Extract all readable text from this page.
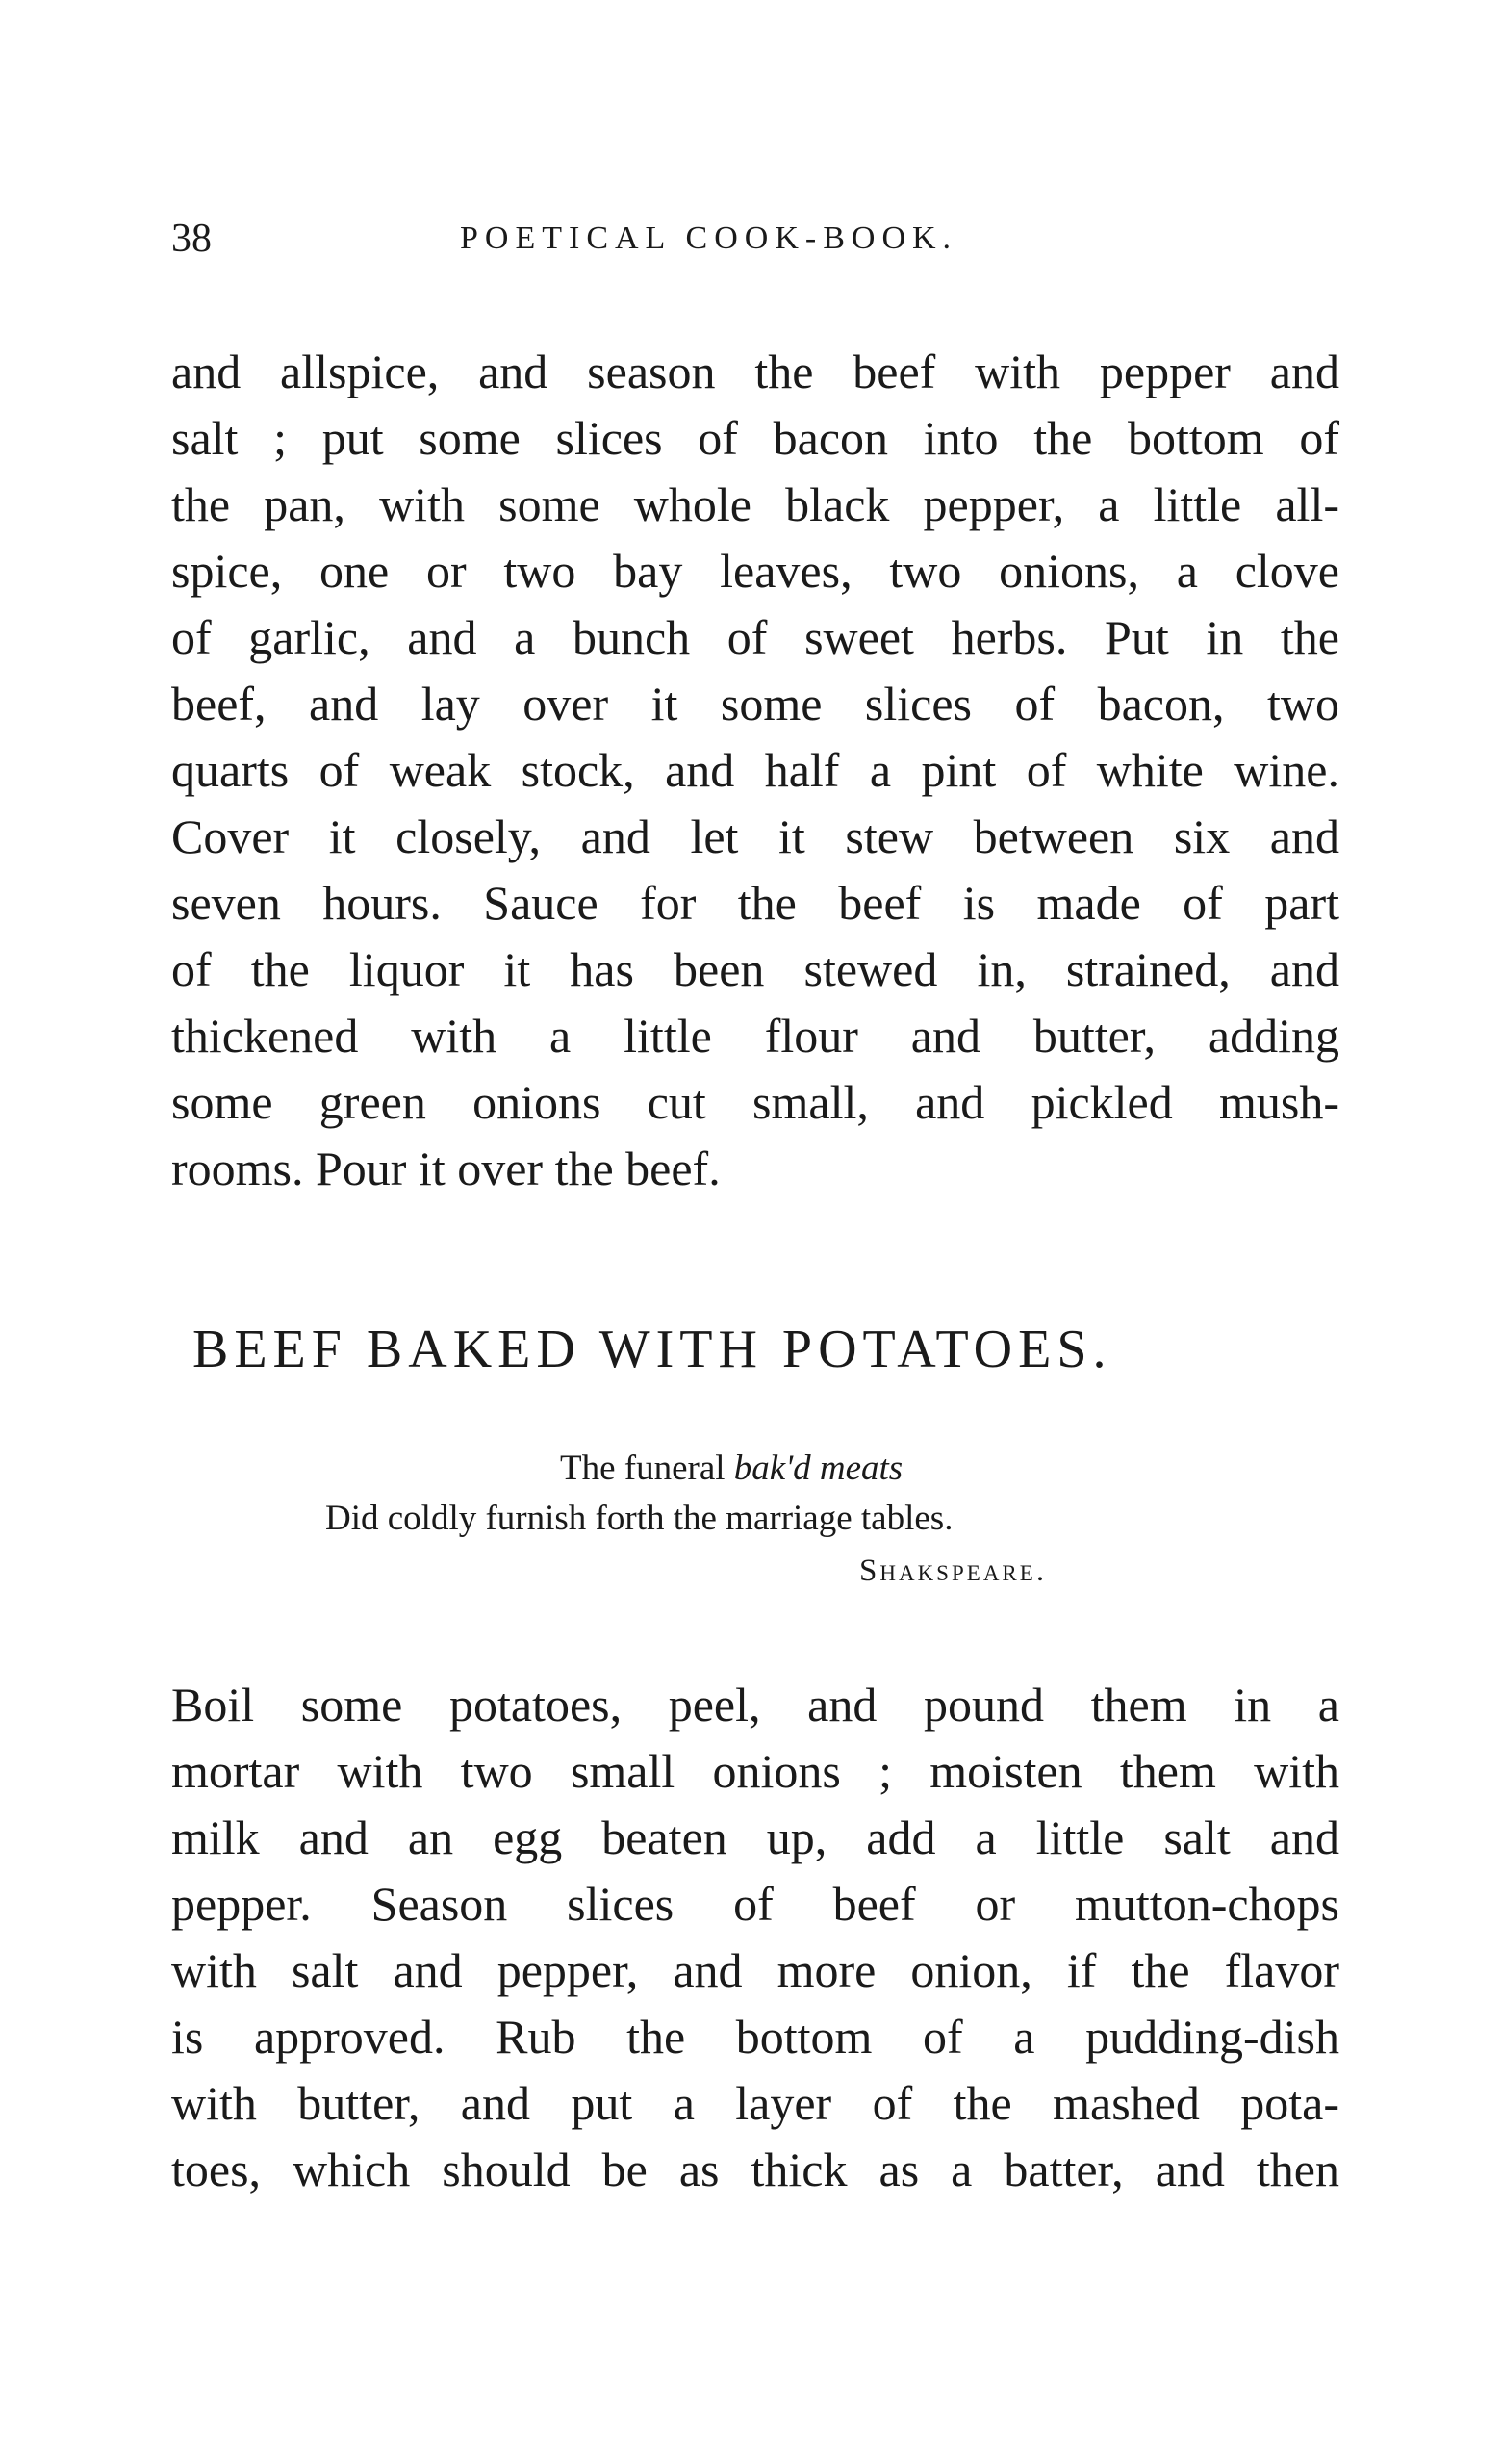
38	POETICAL COOK-BOOK.
and allspice, and season the beef with pepper and
salt ; put some slices of bacon into the bottom of
the pan, with some whole black pepper, a little all-
spice, one or two bay leaves, two onions, a clove
of garlic, and a bunch of sweet herbs. Put in the
beef, and lay over it some slices of bacon, two
quarts of weak stock, and half a pint of white wine.
Cover it closely, and let it stew between six and
seven hours. Sauce for the beef is made of part
of the liquor it has been stewed in, strained, and
thickened with a little flour and butter, adding
some green onions cut small, and pickled mush-
rooms. Pour it over the beef.
BEEF BAKED WITH POTATOES.
The funeral bak'd meats
Did coldly furnish forth the marriage tables.
Shakspeare.
Boil some potatoes, peel, and pound them in a
mortar with two small onions ; moisten them with
milk and an egg beaten up, add a little salt and
pepper. Season slices of beef or mutton-chops
with salt and pepper, and more onion, if the flavor
is approved. Rub the bottom of a pudding-dish
with butter, and put a layer of the mashed pota-
toes, which should be as thick as a batter, and then
